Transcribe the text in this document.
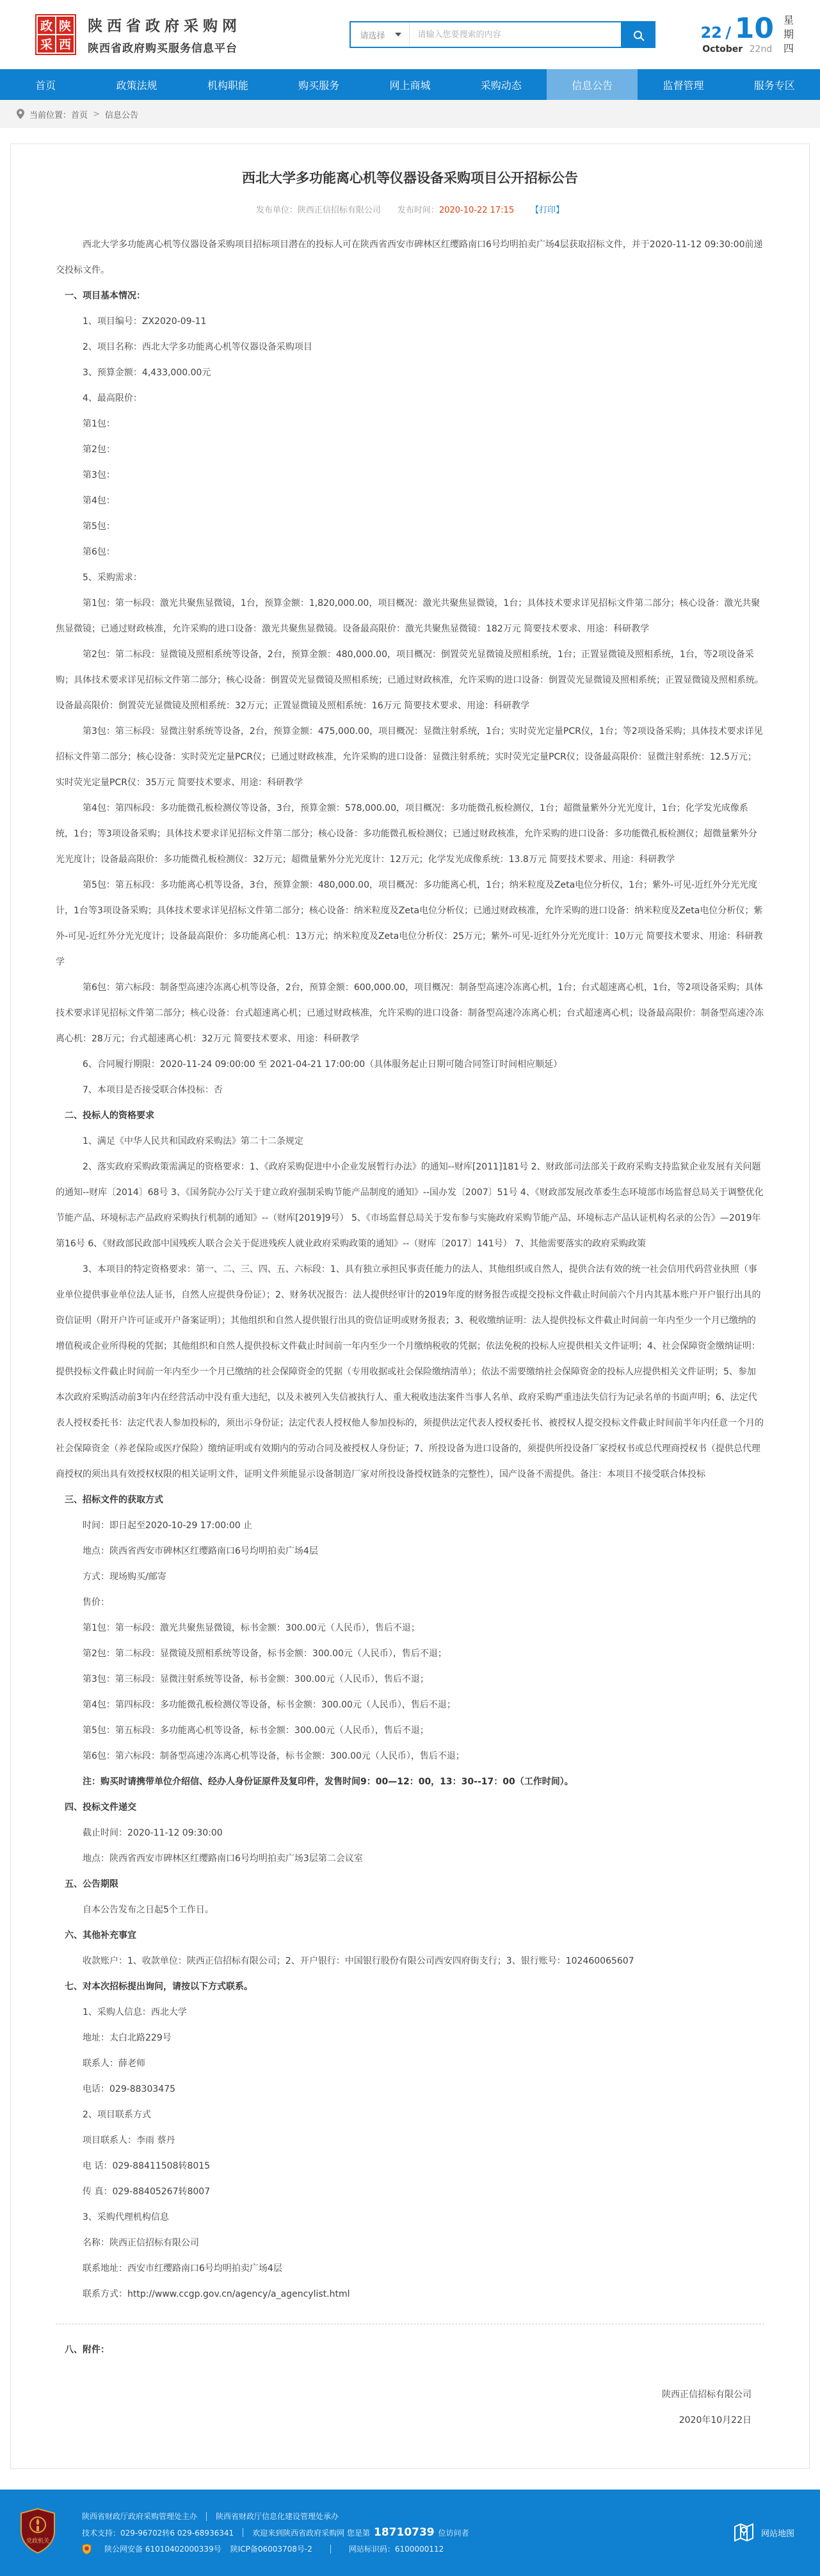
政 陕
采 西
陕西省政府采购网
陕西省政府购买服务信息平台
请选择
请输入您要搜索的内容	22 / 10
October 22nd
星
期
四
首页	政策法规	机构职能	购买服务	网上商城	采购动态	信息公告	监督管理	服务专区
当前位置： 首页 > 信息公告
西北大学多功能离心机等仪器设备采购项目公开招标公告
发布单位：陕西正信招标有限公司 发布时间：2020-10-22 17:15 【打印】

西北大学多功能离心机等仪器设备采购项目招标项目潜在的投标人可在陕西省西安市碑林区红缨路南口6号均明拍卖广场4层获取招标文件，并于2020-11-12 09:30:00前递交投标文件。

一、项目基本情况：

1、项目编号：ZX2020-09-11

2、项目名称：西北大学多功能离心机等仪器设备采购项目

3、预算金额：4,433,000.00元

4、最高限价：

第1包：

第2包：

第3包：

第4包：

第5包：

第6包：

5、采购需求：

第1包：第一标段：激光共聚焦显微镜，1台，预算金额：1,820,000.00，项目概况：激光共聚焦显微镜，1台；具体技术要求详见招标文件第二部分；核心设备：激光共聚焦显微镜；已通过财政核准，允许采购的进口设备：激光共聚焦显微镜。设备最高限价：激光共聚焦显微镜：182万元 简要技术要求、用途：科研教学

第2包：第二标段：显微镜及照相系统等设备，2台，预算金额：480,000.00，项目概况：倒置荧光显微镜及照相系统，1台；正置显微镜及照相系统，1台，等2项设备采购；具体技术要求详见招标文件第二部分；核心设备：倒置荧光显微镜及照相系统；已通过财政核准，允许采购的进口设备：倒置荧光显微镜及照相系统；正置显微镜及照相系统。设备最高限价：倒置荧光显微镜及照相系统：32万元；正置显微镜及照相系统：16万元 简要技术要求、用途：科研教学

第3包：第三标段：显微注射系统等设备，2台，预算金额：475,000.00，项目概况：显微注射系统，1台；实时荧光定量PCR仪，1台；等2项设备采购；具体技术要求详见招标文件第二部分；核心设备：实时荧光定量PCR仪；已通过财政核准，允许采购的进口设备：显微注射系统；实时荧光定量PCR仪；设备最高限价：显微注射系统：12.5万元；实时荧光定量PCR仪：35万元 简要技术要求、用途：科研教学

第4包：第四标段：多功能微孔板检测仪等设备，3台，预算金额：578,000.00，项目概况：多功能微孔板检测仪，1台；超微量紫外分光光度计，1台；化学发光成像系统，1台；等3项设备采购；具体技术要求详见招标文件第二部分；核心设备：多功能微孔板检测仪；已通过财政核准，允许采购的进口设备：多功能微孔板检测仪；超微量紫外分光光度计；设备最高限价：多功能微孔板检测仪：32万元；超微量紫外分光光度计：12万元；化学发光成像系统：13.8万元 简要技术要求、用途：科研教学

第5包：第五标段：多功能离心机等设备，3台，预算金额：480,000.00，项目概况：多功能离心机，1台；纳米粒度及Zeta电位分析仪，1台；紫外-可见-近红外分光光度计，1台等3项设备采购；具体技术要求详见招标文件第二部分；核心设备：纳米粒度及Zeta电位分析仪；已通过财政核准，允许采购的进口设备：纳米粒度及Zeta电位分析仪；紫外-可见-近红外分光光度计；设备最高限价：多功能离心机：13万元；纳米粒度及Zeta电位分析仪：25万元；紫外-可见-近红外分光光度计：10万元 简要技术要求、用途：科研教学

第6包：第六标段：制备型高速冷冻离心机等设备，2台，预算金额：600,000.00，项目概况：制备型高速冷冻离心机，1台；台式超速离心机，1台，等2项设备采购；具体技术要求详见招标文件第二部分；核心设备：台式超速离心机；已通过财政核准，允许采购的进口设备：制备型高速冷冻离心机；台式超速离心机；设备最高限价：制备型高速冷冻离心机：28万元；台式超速离心机：32万元 简要技术要求、用途：科研教学

6、合同履行期限：2020-11-24 09:00:00 至 2021-04-21 17:00:00（具体服务起止日期可随合同签订时间相应顺延）

7、本项目是否接受联合体投标：否

二、投标人的资格要求

1、满足《中华人民共和国政府采购法》第二十二条规定

2、落实政府采购政策需满足的资格要求：1、《政府采购促进中小企业发展暂行办法》的通知--财库[2011]181号 2、财政部司法部关于政府采购支持监狱企业发展有关问题的通知--财库〔2014〕68号 3、《国务院办公厅关于建立政府强制采购节能产品制度的通知》--国办发〔2007〕51号 4、《财政部发展改革委生态环境部市场监督总局关于调整优化节能产品、环境标志产品政府采购执行机制的通知》--（财库[2019]9号） 5、《市场监督总局关于发布参与实施政府采购节能产品、环境标志产品认证机构名录的公告》—2019年第16号 6、《财政部民政部中国残疾人联合会关于促进残疾人就业政府采购政策的通知》--（财库〔2017〕141号） 7、其他需要落实的政府采购政策

3、本项目的特定资格要求：第一、二、三、四、五、六标段：1、具有独立承担民事责任能力的法人、其他组织或自然人，提供合法有效的统一社会信用代码营业执照（事业单位提供事业单位法人证书，自然人应提供身份证）；2、财务状况报告：法人提供经审计的2019年度的财务报告或提交投标文件截止时间前六个月内其基本账户开户银行出具的资信证明（附开户许可证或开户备案证明）；其他组织和自然人提供银行出具的资信证明或财务报表；3、税收缴纳证明：法人提供投标文件截止时间前一年内至少一个月已缴纳的增值税或企业所得税的凭据；其他组织和自然人提供投标文件截止时间前一年内至少一个月缴纳税收的凭据；依法免税的投标人应提供相关文件证明；4、社会保障资金缴纳证明：提供投标文件截止时间前一年内至少一个月已缴纳的社会保障资金的凭据（专用收据或社会保险缴纳清单）；依法不需要缴纳社会保障资金的投标人应提供相关文件证明；5、参加本次政府采购活动前3年内在经营活动中没有重大违纪，以及未被列入失信被执行人、重大税收违法案件当事人名单、政府采购严重违法失信行为记录名单的书面声明；6、法定代表人授权委托书：法定代表人参加投标的，须出示身份证；法定代表人授权他人参加投标的，须提供法定代表人授权委托书、被授权人提交投标文件截止时间前半年内任意一个月的社会保障资金（养老保险或医疗保险）缴纳证明或有效期内的劳动合同及被授权人身份证；7、所投设备为进口设备的，须提供所投设备厂家授权书或总代理商授权书（提供总代理商授权的须出具有效授权权限的相关证明文件，证明文件须能显示设备制造厂家对所投设备授权链条的完整性），国产设备不需提供。备注：本项目不接受联合体投标

三、招标文件的获取方式

时间：即日起至2020-10-29 17:00:00 止

地点：陕西省西安市碑林区红缨路南口6号均明拍卖广场4层

方式：现场购买/邮寄

售价：

第1包：第一标段：激光共聚焦显微镜，标书金额：300.00元（人民币），售后不退；

第2包：第二标段：显微镜及照相系统等设备，标书金额：300.00元（人民币），售后不退；

第3包：第三标段：显微注射系统等设备，标书金额：300.00元（人民币），售后不退；

第4包：第四标段：多功能微孔板检测仪等设备，标书金额：300.00元（人民币），售后不退；

第5包：第五标段：多功能离心机等设备，标书金额：300.00元（人民币），售后不退；

第6包：第六标段：制备型高速冷冻离心机等设备，标书金额：300.00元（人民币），售后不退；

注：购买时请携带单位介绍信、经办人身份证原件及复印件，发售时间9：00—12：00，13：30--17：00（工作时间）。

四、投标文件递交

截止时间：2020-11-12 09:30:00

地点：陕西省西安市碑林区红缨路南口6号均明拍卖广场3层第二会议室

五、公告期限

自本公告发布之日起5个工作日。

六、其他补充事宜

收款账户：1、收款单位：陕西正信招标有限公司；2、开户银行：中国银行股份有限公司西安四府街支行；3、银行账号：102460065607

七、对本次招标提出询问，请按以下方式联系。

1、采购人信息：西北大学

地址：太白北路229号

联系人：薛老师

电话：029-88303475

2、项目联系方式

项目联系人：李雨 蔡丹

电 话：029-88411508转8015

传 真：029-88405267转8007

3、采购代理机构信息

名称：陕西正信招标有限公司

联系地址：西安市红缨路南口6号均明拍卖广场4层

联系方式：http://www.ccgp.gov.cn/agency/a_agencylist.html

八、附件：

陕西正信招标有限公司

2020年10月22日

党政机关
陕西省财政厅政府采购管理处主办 陕西省财政厅信息化建设管理处承办
技术支持：029-96702转6 029-68936341 欢迎来到陕西省政府采购网 您是第 18710739 位访问者
陕公网安备 61010402000339号 陕ICP备06003708号-2	网站标识码：6100000112
网站地图
